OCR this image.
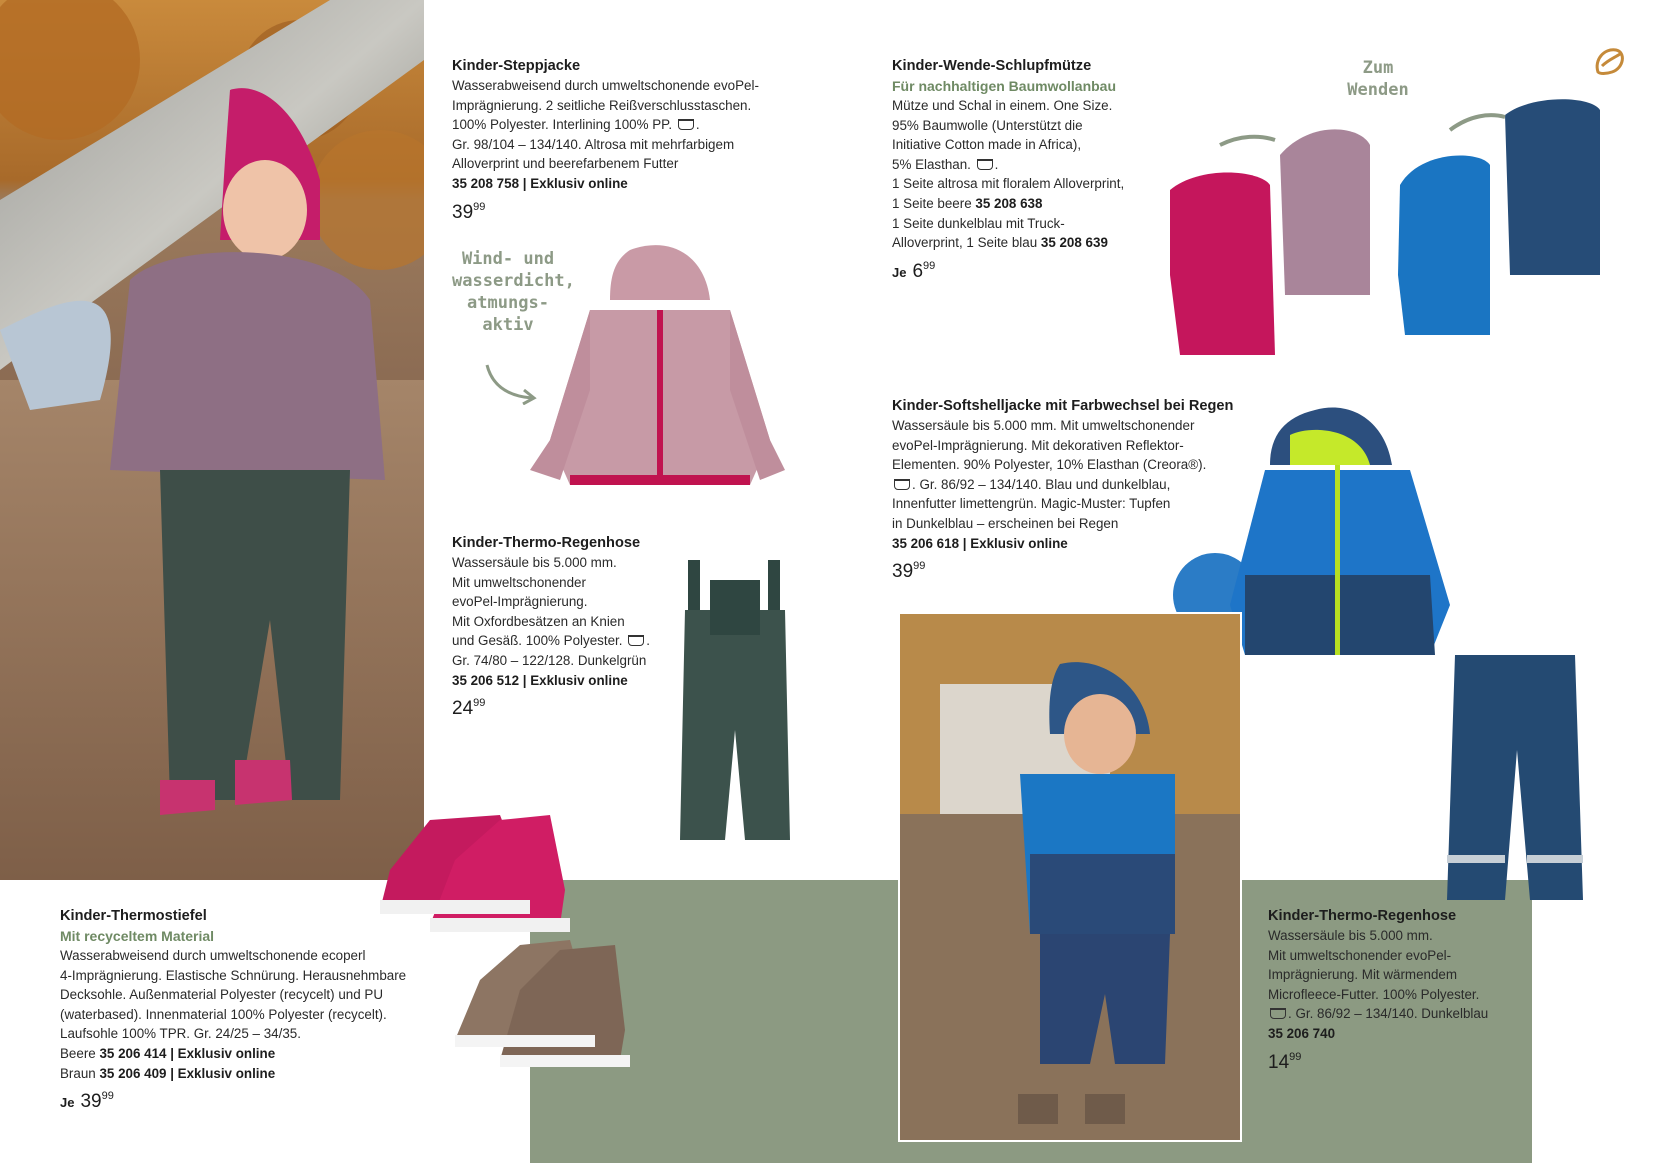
Wind- und
wasserdicht,
atmungs-
aktiv
Zum
Wenden
Kinder-Steppjacke
Wasserabweisend durch umweltschonende evoPel-
Imprägnierung. 2 seitliche Reißverschlusstaschen.
100% Polyester. Interlining 100% PP. .
Gr. 98/104 – 134/140. Altrosa mit mehrfarbigem
Alloverprint und beerefarbenem Futter
35 208 758 | Exklusiv online
$39^{99}$
Kinder-Wende-Schlupfmütze
Für nachhaltigen Baumwollanbau
Mütze und Schal in einem. One Size.
95% Baumwolle (Unterstützt die
Initiative Cotton made in Africa),
5% Elasthan. .
1 Seite altrosa mit floralem Alloverprint,
1 Seite beere 35 208 638
1 Seite dunkelblau mit Truck-
Alloverprint, 1 Seite blau 35 208 639
Je $6^{99}$
Kinder-Softshelljacke mit Farbwechsel bei Regen
Wassersäule bis 5.000 mm. Mit umweltschonender
evoPel-Imprägnierung. Mit dekorativen Reflektor-
Elementen. 90% Polyester, 10% Elasthan (Creora®).
. Gr. 86/92 – 134/140. Blau und dunkelblau,
Innenfutter limettengrün. Magic-Muster: Tupfen
in Dunkelblau – erscheinen bei Regen
35 206 618 | Exklusiv online
$39^{99}$
Kinder-Thermo-Regenhose
Wassersäule bis 5.000 mm.
Mit umweltschonender
evoPel-Imprägnierung.
Mit Oxfordbesätzen an Knien
und Gesäß. 100% Polyester. .
Gr. 74/80 – 122/128. Dunkelgrün
35 206 512 | Exklusiv online
$24^{99}$
Kinder-Thermostiefel
Mit recyceltem Material
Wasserabweisend durch umweltschonende ecoperl
4-Imprägnierung. Elastische Schnürung. Herausnehmbare
Decksohle. Außenmaterial Polyester (recycelt) und PU
(waterbased). Innenmaterial 100% Polyester (recycelt).
Laufsohle 100% TPR. Gr. 24/25 – 34/35.
Beere 35 206 414 | Exklusiv online
Braun 35 206 409 | Exklusiv online
Je $39^{99}$
Kinder-Thermo-Regenhose
Wassersäule bis 5.000 mm.
Mit umweltschonender evoPel-
Imprägnierung. Mit wärmendem
Microfleece-Futter. 100% Polyester.
. Gr. 86/92 – 134/140. Dunkelblau
35 206 740
$14^{99}$
